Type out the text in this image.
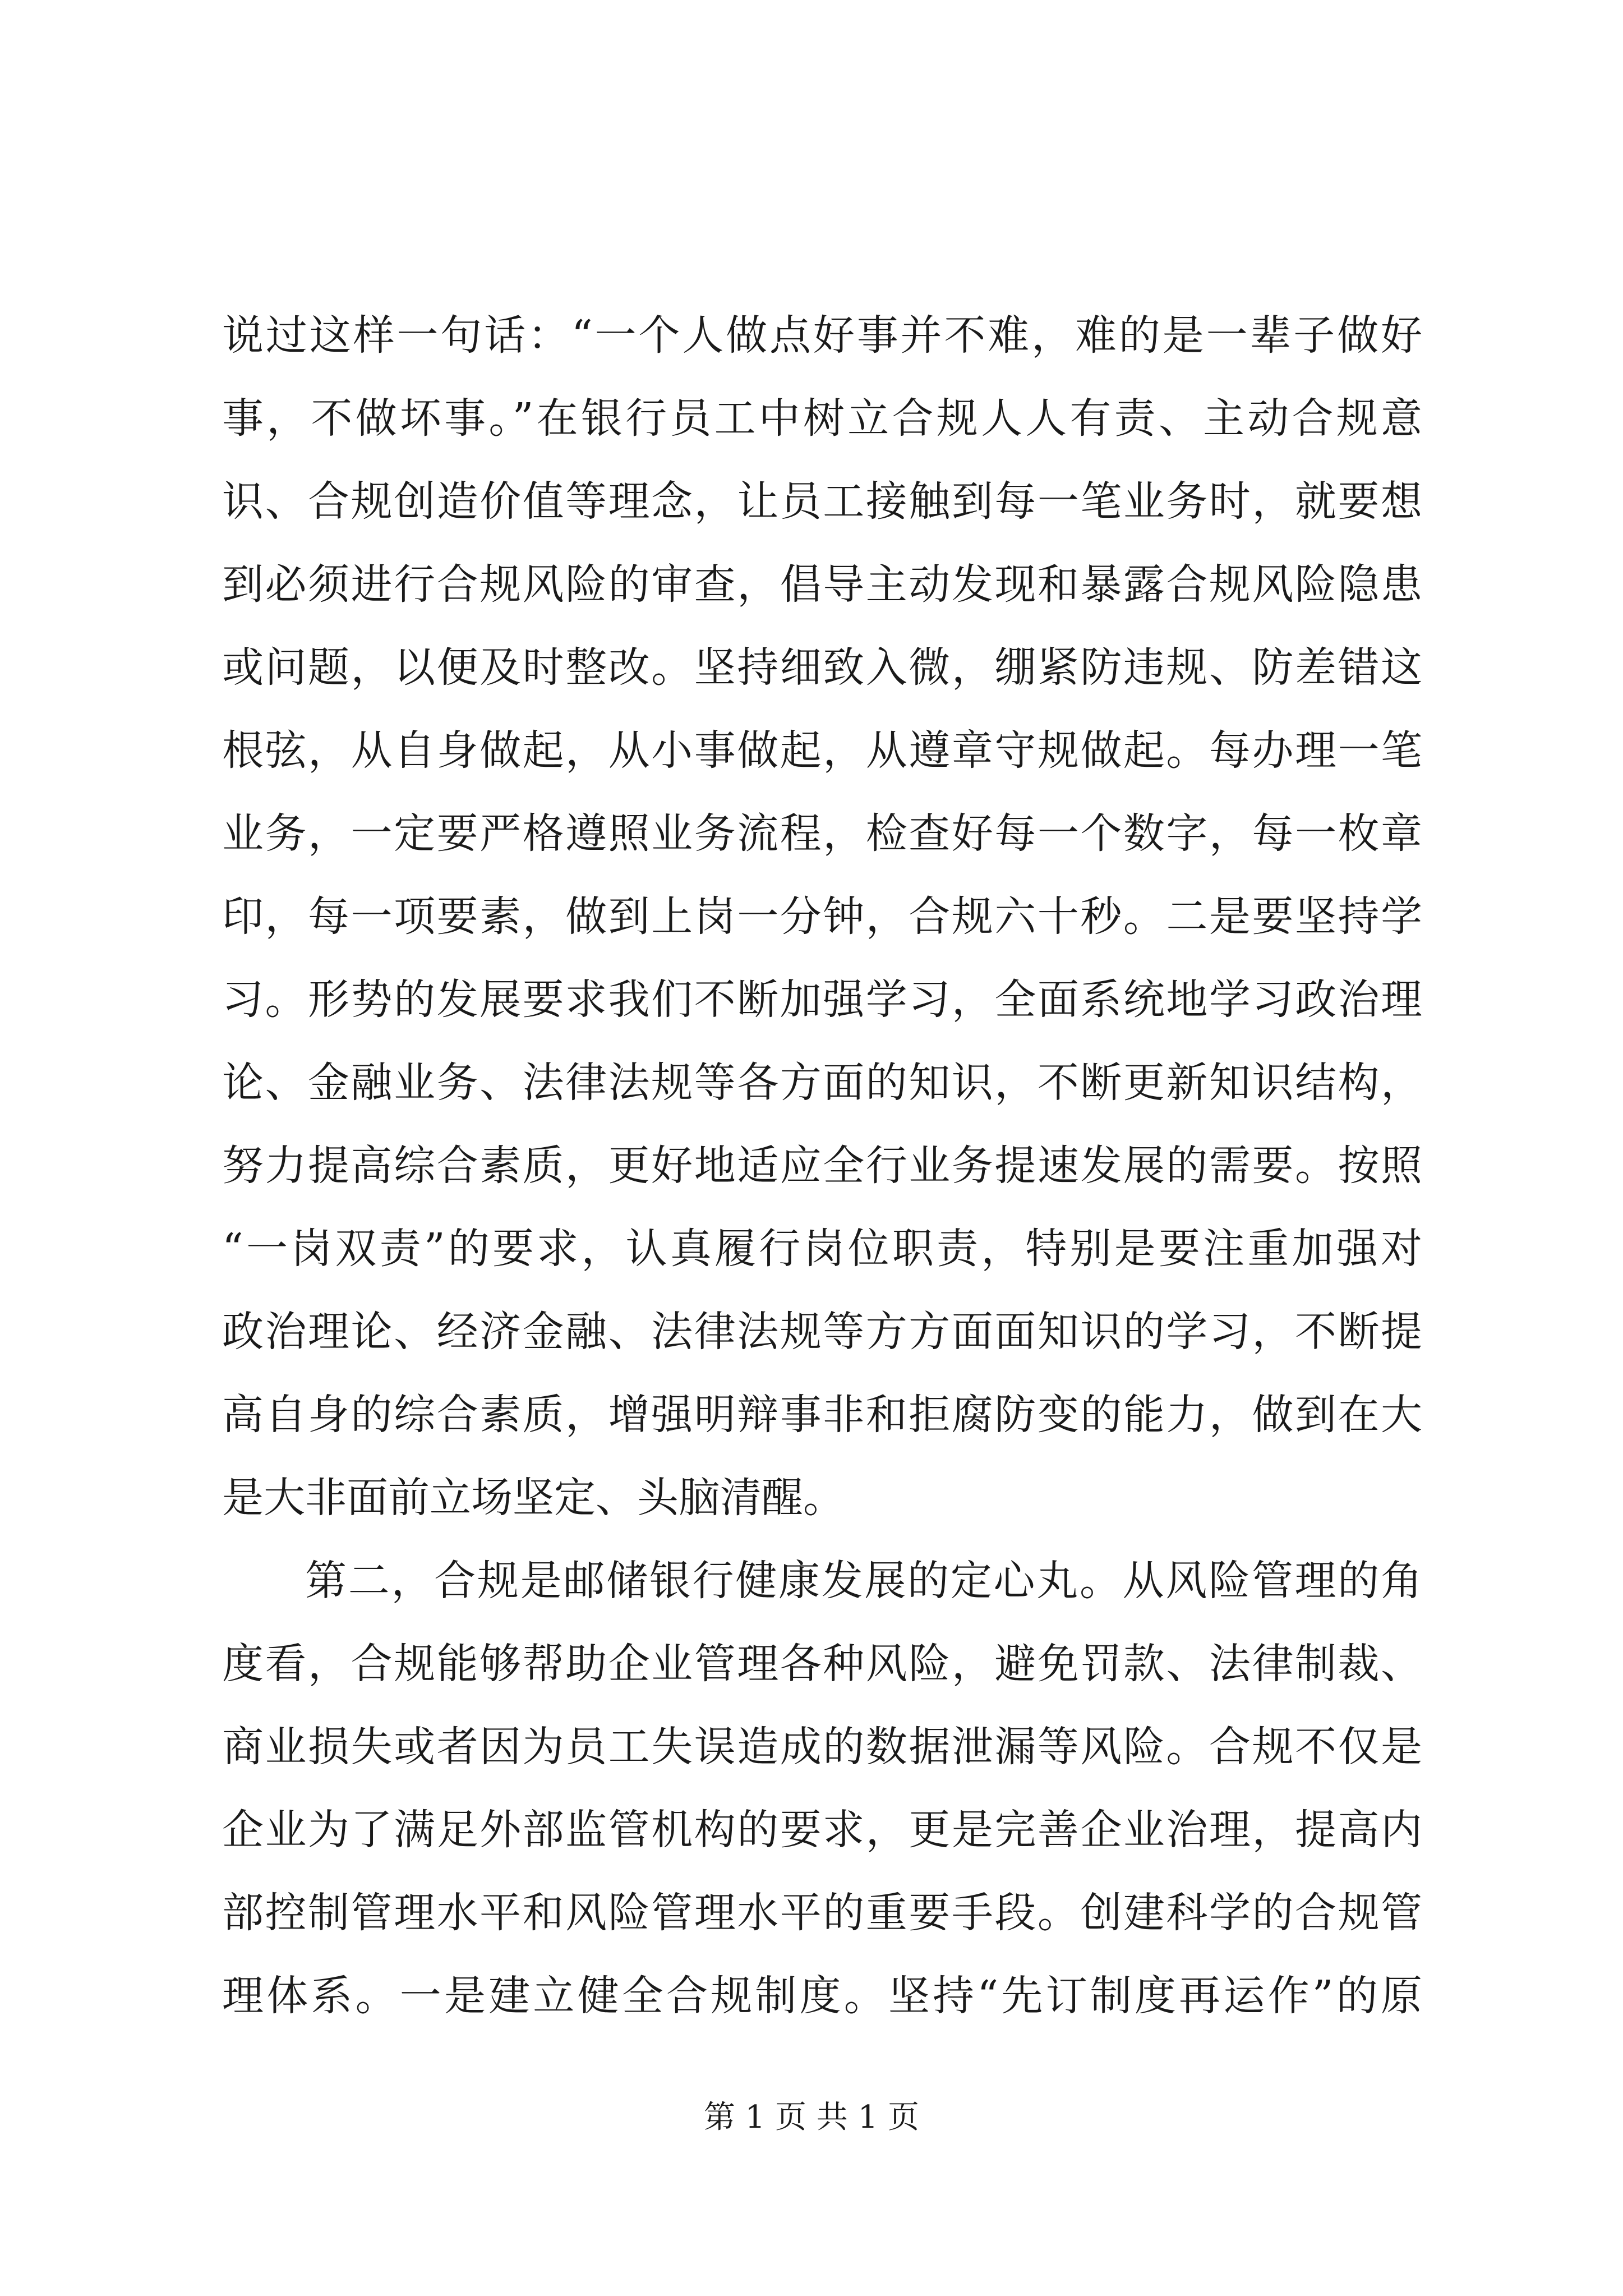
说过这样一句话：“一个人做点好事并不难，难的是一辈子做好
事，不做坏事。”在银行员工中树立合规人人有责、主动合规意
识、合规创造价值等理念，让员工接触到每一笔业务时，就要想
到必须进行合规风险的审查，倡导主动发现和暴露合规风险隐患
或问题，以便及时整改。坚持细致入微，绷紧防违规、防差错这
根弦，从自身做起，从小事做起，从遵章守规做起。每办理一笔
业务，一定要严格遵照业务流程，检查好每一个数字，每一枚章
印，每一项要素，做到上岗一分钟，合规六十秒。二是要坚持学
习。形势的发展要求我们不断加强学习，全面系统地学习政治理
论、金融业务、法律法规等各方面的知识，不断更新知识结构，
努力提高综合素质，更好地适应全行业务提速发展的需要。按照
“一岗双责”的要求，认真履行岗位职责，特别是要注重加强对
政治理论、经济金融、法律法规等方方面面知识的学习，不断提
高自身的综合素质，增强明辩事非和拒腐防变的能力，做到在大
是大非面前立场坚定、头脑清醒。
第二，合规是邮储银行健康发展的定心丸。从风险管理的角
度看，合规能够帮助企业管理各种风险，避免罚款、法律制裁、
商业损失或者因为员工失误造成的数据泄漏等风险。合规不仅是
企业为了满足外部监管机构的要求，更是完善企业治理，提高内
部控制管理水平和风险管理水平的重要手段。创建科学的合规管
理体系。一是建立健全合规制度。坚持“先订制度再运作”的原
第 1 页 共 1 页
